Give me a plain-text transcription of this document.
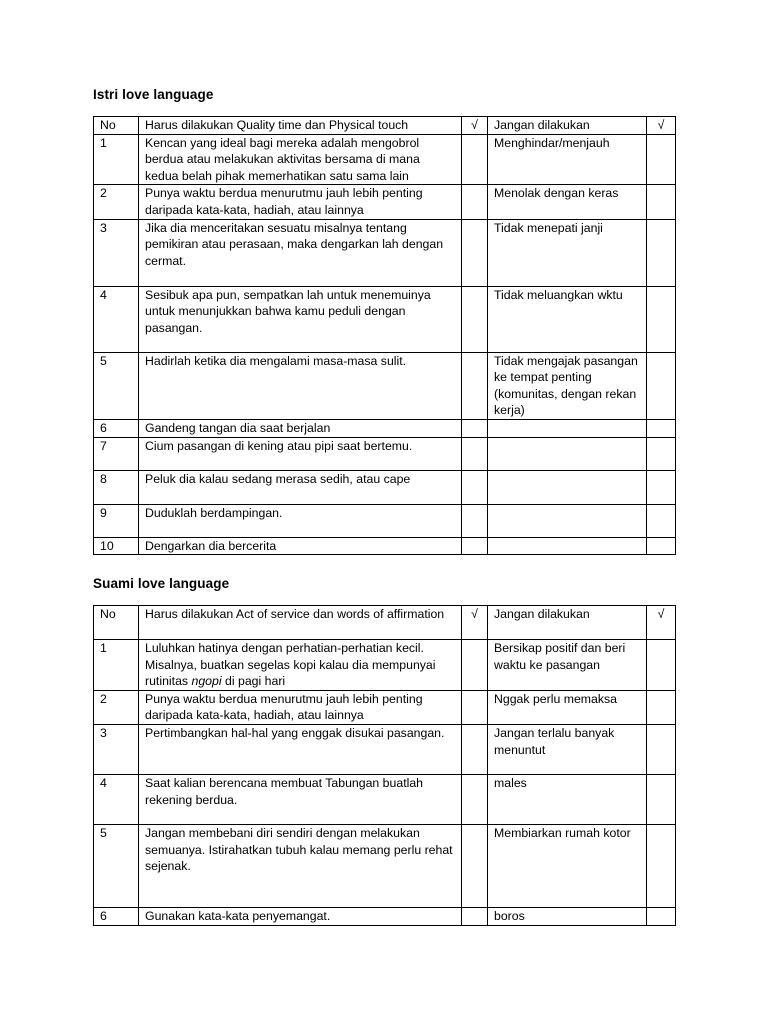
Istri love language
No	Harus dilakukan Quality time dan Physical touch	√	Jangan dilakukan	√
1	Kencan yang ideal bagi mereka adalah mengobrol berdua atau melakukan aktivitas bersama di mana kedua belah pihak memerhatikan satu sama lain		Menghindar/menjauh	
2	Punya waktu berdua menurutmu jauh lebih penting daripada kata-kata, hadiah, atau lainnya		Menolak dengan keras	
3	Jika dia menceritakan sesuatu misalnya tentang pemikiran atau perasaan, maka dengarkan lah dengan cermat.		Tidak menepati janji	
4	Sesibuk apa pun, sempatkan lah untuk menemuinya untuk menunjukkan bahwa kamu peduli dengan pasangan.		Tidak meluangkan wktu	
5	Hadirlah ketika dia mengalami masa-masa sulit.		Tidak mengajak pasangan ke tempat penting (komunitas, dengan rekan kerja)	
6	Gandeng tangan dia saat berjalan			
7	Cium pasangan di kening atau pipi saat bertemu.			
8	Peluk dia kalau sedang merasa sedih, atau cape			
9	Duduklah berdampingan.			
10	Dengarkan dia bercerita			
Suami love language
No	Harus dilakukan Act of service dan words of affirmation	√	Jangan dilakukan	√
1	Luluhkan hatinya dengan perhatian-perhatian kecil. Misalnya, buatkan segelas kopi kalau dia mempunyai rutinitas ngopi di pagi hari		Bersikap positif dan beri waktu ke pasangan	
2	Punya waktu berdua menurutmu jauh lebih penting daripada kata-kata, hadiah, atau lainnya		Nggak perlu memaksa	
3	Pertimbangkan hal-hal yang enggak disukai pasangan.		Jangan terlalu banyak menuntut	
4	Saat kalian berencana membuat Tabungan buatlah rekening berdua.		males	
5	Jangan membebani diri sendiri dengan melakukan semuanya. Istirahatkan tubuh kalau memang perlu rehat sejenak.		Membiarkan rumah kotor	
6	Gunakan kata-kata penyemangat.		boros	
